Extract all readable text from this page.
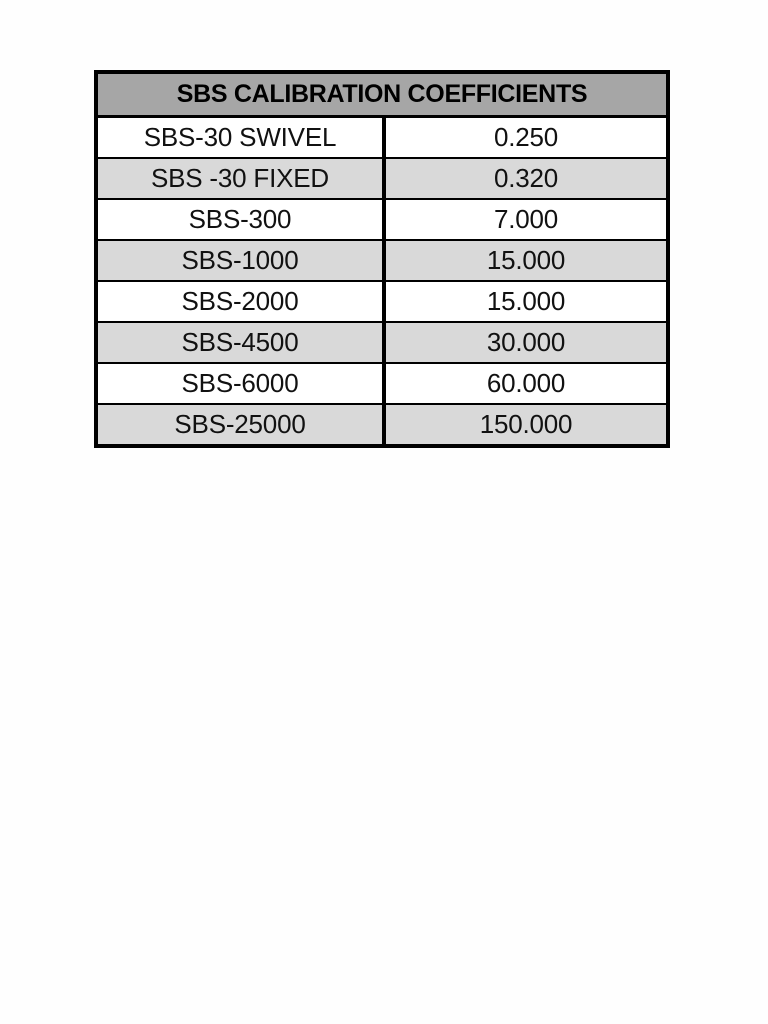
SBS CALIBRATION COEFFICIENTS	
SBS-30 SWIVEL	0.250
SBS -30 FIXED	0.320
SBS-300	7.000
SBS-1000	15.000
SBS-2000	15.000
SBS-4500	30.000
SBS-6000	60.000
SBS-25000	150.000
